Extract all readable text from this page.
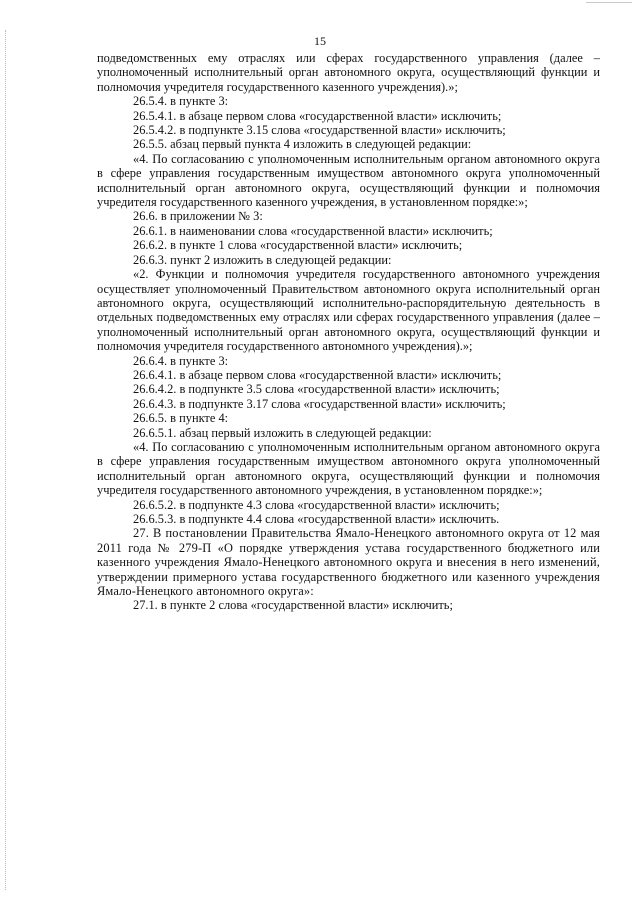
15

подведомственных ему отраслях или сферах государственного управления (далее – уполномоченный исполнительный орган автономного округа, осуществляющий функции и полномочия учредителя государственного казенного учреждения).»;

26.5.4. в пункте 3:

26.5.4.1. в абзаце первом слова «государственной власти» исключить;

26.5.4.2. в подпункте 3.15 слова «государственной власти» исключить;

26.5.5. абзац первый пункта 4 изложить в следующей редакции:

«4. По согласованию с уполномоченным исполнительным органом автономного округа в сфере управления государственным имуществом автономного округа уполномоченный исполнительный орган автономного округа, осуществляющий функции и полномочия учредителя государственного казенного учреждения, в установленном порядке:»;

26.6. в приложении № 3:

26.6.1. в наименовании слова «государственной власти» исключить;

26.6.2. в пункте 1 слова «государственной власти» исключить;

26.6.3. пункт 2 изложить в следующей редакции:

«2. Функции и полномочия учредителя государственного автономного учреждения осуществляет уполномоченный Правительством автономного округа исполнительный орган автономного округа, осуществляющий исполнительно-распорядительную деятельность в отдельных подведомственных ему отраслях или сферах государственного управления (далее – уполномоченный исполнительный орган автономного округа, осуществляющий функции и полномочия учредителя государственного автономного учреждения).»;

26.6.4. в пункте 3:

26.6.4.1. в абзаце первом слова «государственной власти» исключить;

26.6.4.2. в подпункте 3.5 слова «государственной власти» исключить;

26.6.4.3. в подпункте 3.17 слова «государственной власти» исключить;

26.6.5. в пункте 4:

26.6.5.1. абзац первый изложить в следующей редакции:

«4. По согласованию с уполномоченным исполнительным органом автономного округа в сфере управления государственным имуществом автономного округа уполномоченный исполнительный орган автономного округа, осуществляющий функции и полномочия учредителя государственного автономного учреждения, в установленном порядке:»;

26.6.5.2. в подпункте 4.3 слова «государственной власти» исключить;

26.6.5.3. в подпункте 4.4 слова «государственной власти» исключить.

27. В постановлении Правительства Ямало-Ненецкого автономного округа от 12 мая 2011 года № 279-П «О порядке утверждения устава государственного бюджетного или казенного учреждения Ямало-Ненецкого автономного округа и внесения в него изменений, утверждении примерного устава государственного бюджетного или казенного учреждения Ямало-Ненецкого автономного округа»:

27.1. в пункте 2 слова «государственной власти» исключить;
